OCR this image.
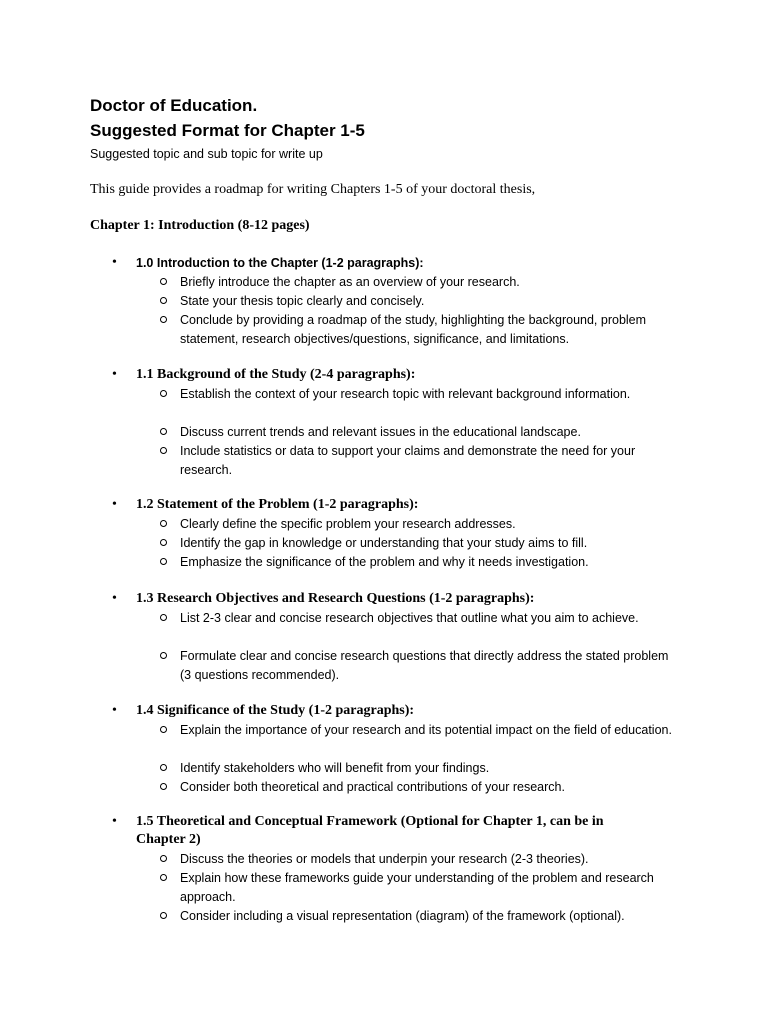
Doctor of Education.
Suggested Format for Chapter 1-5
Suggested topic and sub topic for write up
This guide provides a roadmap for writing Chapters 1-5 of your doctoral thesis,
Chapter 1: Introduction (8-12 pages)
• 1.0 Introduction to the Chapter (1-2 paragraphs):
Briefly introduce the chapter as an overview of your research.
State your thesis topic clearly and concisely.
Conclude by providing a roadmap of the study, highlighting the background, problem statement, research objectives/questions, significance, and limitations.
• 1.1 Background of the Study (2-4 paragraphs):
Establish the context of your research topic with relevant background information.
Discuss current trends and relevant issues in the educational landscape.
Include statistics or data to support your claims and demonstrate the need for your research.
• 1.2 Statement of the Problem (1-2 paragraphs):
Clearly define the specific problem your research addresses.
Identify the gap in knowledge or understanding that your study aims to fill.
Emphasize the significance of the problem and why it needs investigation.
• 1.3 Research Objectives and Research Questions (1-2 paragraphs):
List 2-3 clear and concise research objectives that outline what you aim to achieve.
Formulate clear and concise research questions that directly address the stated problem (3 questions recommended).
• 1.4 Significance of the Study (1-2 paragraphs):
Explain the importance of your research and its potential impact on the field of education.
Identify stakeholders who will benefit from your findings.
Consider both theoretical and practical contributions of your research.
• 1.5 Theoretical and Conceptual Framework (Optional for Chapter 1, can be in Chapter 2)
Discuss the theories or models that underpin your research (2-3 theories).
Explain how these frameworks guide your understanding of the problem and research approach.
Consider including a visual representation (diagram) of the framework (optional).
